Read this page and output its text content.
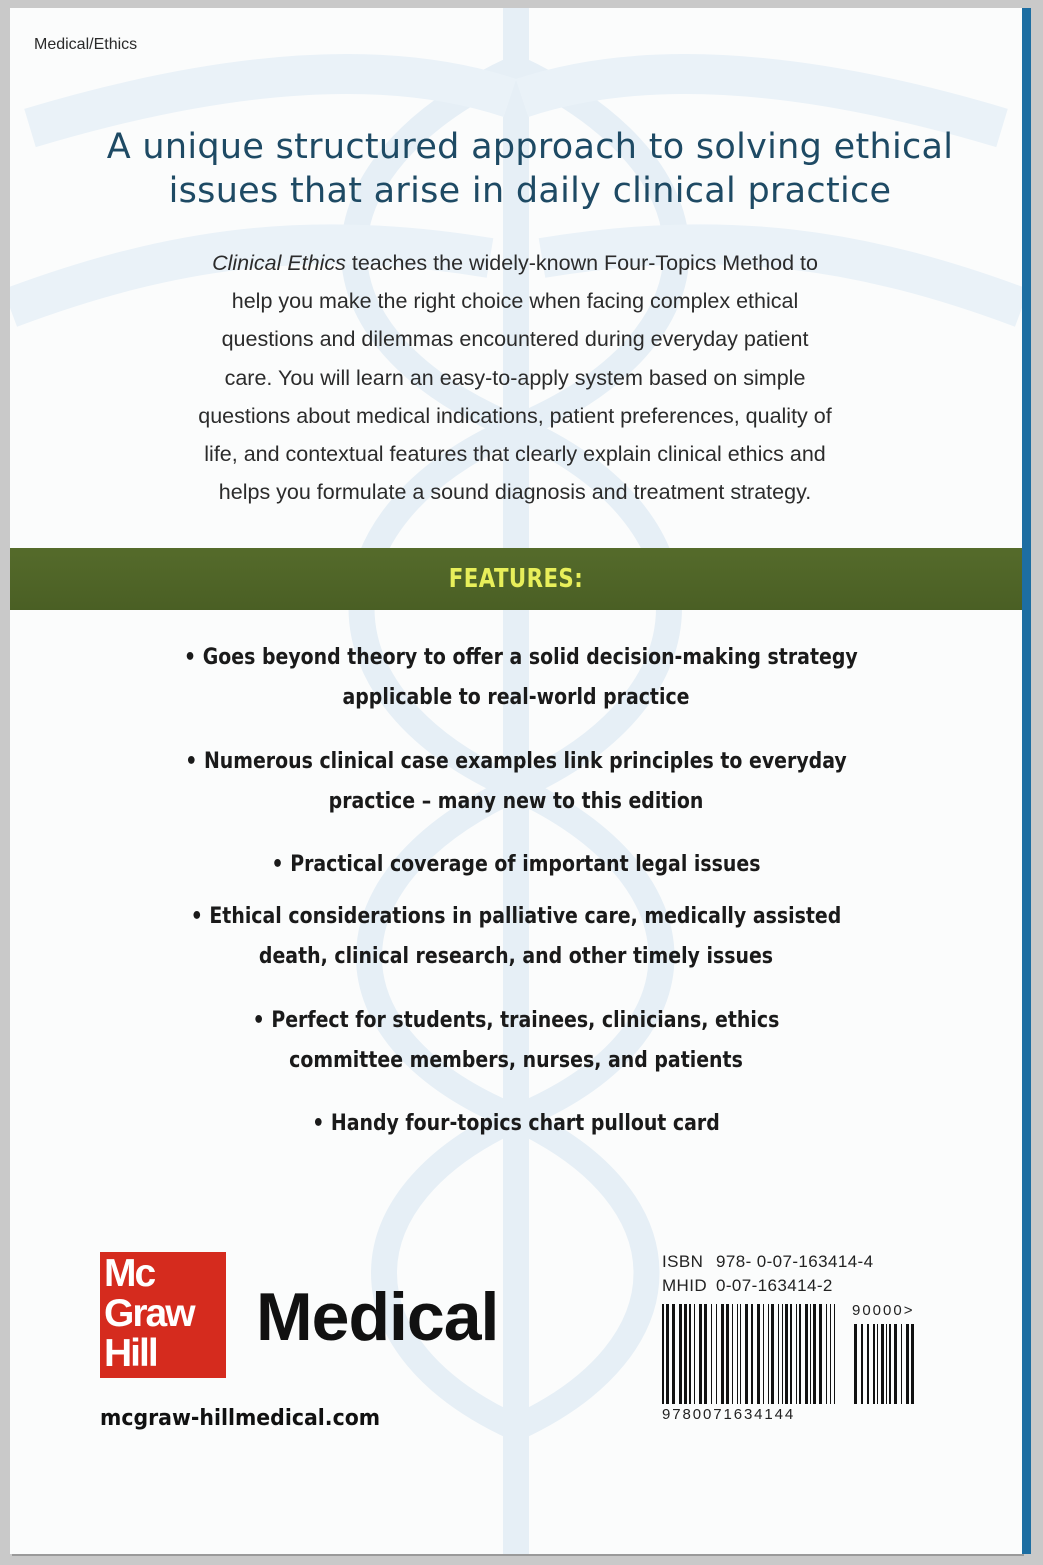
Medical/Ethics
A unique structured approach to solving ethical
issues that arise in daily clinical practice
Clinical Ethics teaches the widely-known Four-Topics Method to
help you make the right choice when facing complex ethical
questions and dilemmas encountered during everyday patient
care. You will learn an easy-to-apply system based on simple
questions about medical indications, patient preferences, quality of
life, and contextual features that clearly explain clinical ethics and
helps you formulate a sound diagnosis and treatment strategy.
FEATURES:
• Goes beyond theory to offer a solid decision-making strategy
applicable to real-world practice
• Numerous clinical case examples link principles to everyday
practice – many new to this edition
• Practical coverage of important legal issues
• Ethical considerations in palliative care, medically assisted
death, clinical research, and other timely issues
• Perfect for students, trainees, clinicians, ethics
committee members, nurses, and patients
• Handy four-topics chart pullout card
Mc
Graw
Hill Medical
mcgraw-hillmedical.com
ISBN 978- 0-07-163414-4
MHID 0-07-163414-2
90000>
9780071634144
